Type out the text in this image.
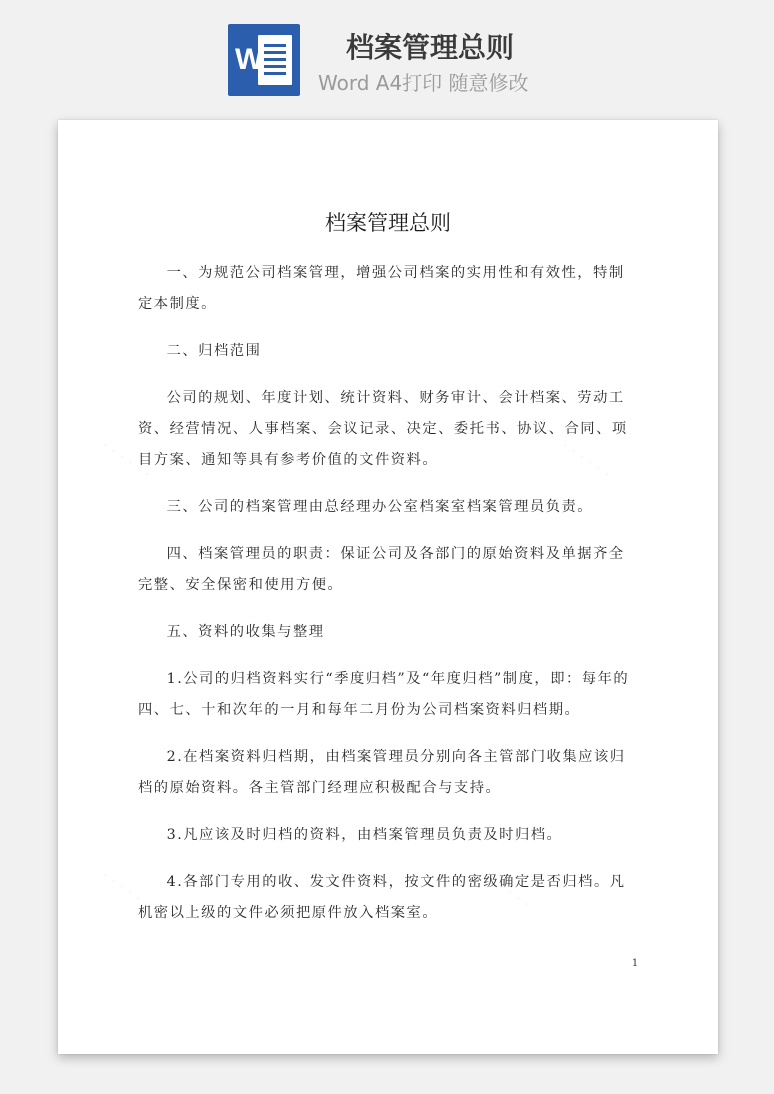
W	档案管理总则
Word A4打印 随意修改
档案管理总则

一、为规范公司档案管理，增强公司档案的实用性和有效性，特制定本制度。

二、归档范围

公司的规划、年度计划、统计资料、财务审计、会计档案、劳动工资、经营情况、人事档案、会议记录、决定、委托书、协议、合同、项目方案、通知等具有参考价值的文件资料。

三、公司的档案管理由总经理办公室档案室档案管理员负责。

四、档案管理员的职责：保证公司及各部门的原始资料及单据齐全完整、安全保密和使用方便。

五、资料的收集与整理

1.公司的归档资料实行“季度归档”及“年度归档”制度，即：每年的四、七、十和次年的一月和每年二月份为公司档案资料归档期。

2.在档案资料归档期，由档案管理员分别向各主管部门收集应该归档的原始资料。各主管部门经理应积极配合与支持。

3.凡应该及时归档的资料，由档案管理员负责及时归档。

4.各部门专用的收、发文件资料，按文件的密级确定是否归档。凡机密以上级的文件必须把原件放入档案室。

1
